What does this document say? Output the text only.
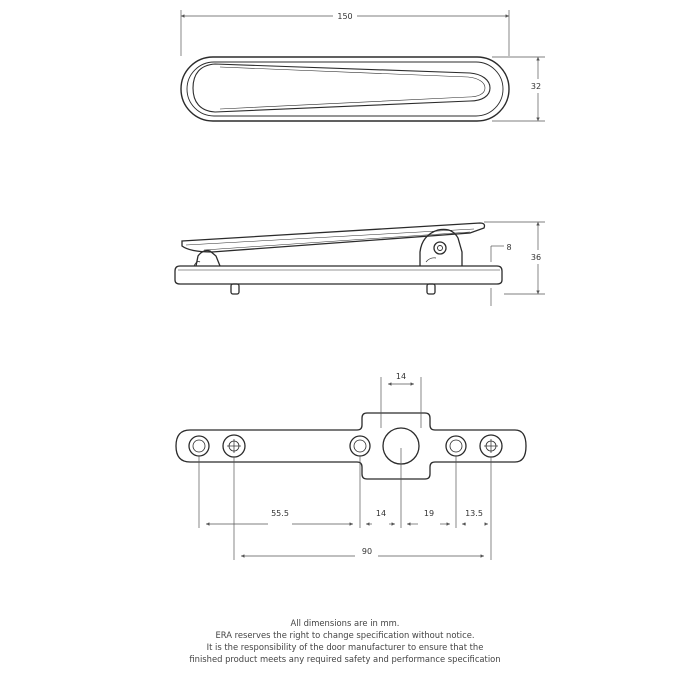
150
32
8
36
14
55.5	14	19	13.5
90
All dimensions are in mm.
ERA reserves the right to change specification without notice.
It is the responsibility of the door manufacturer to ensure that the
finished product meets any required safety and performance specification
